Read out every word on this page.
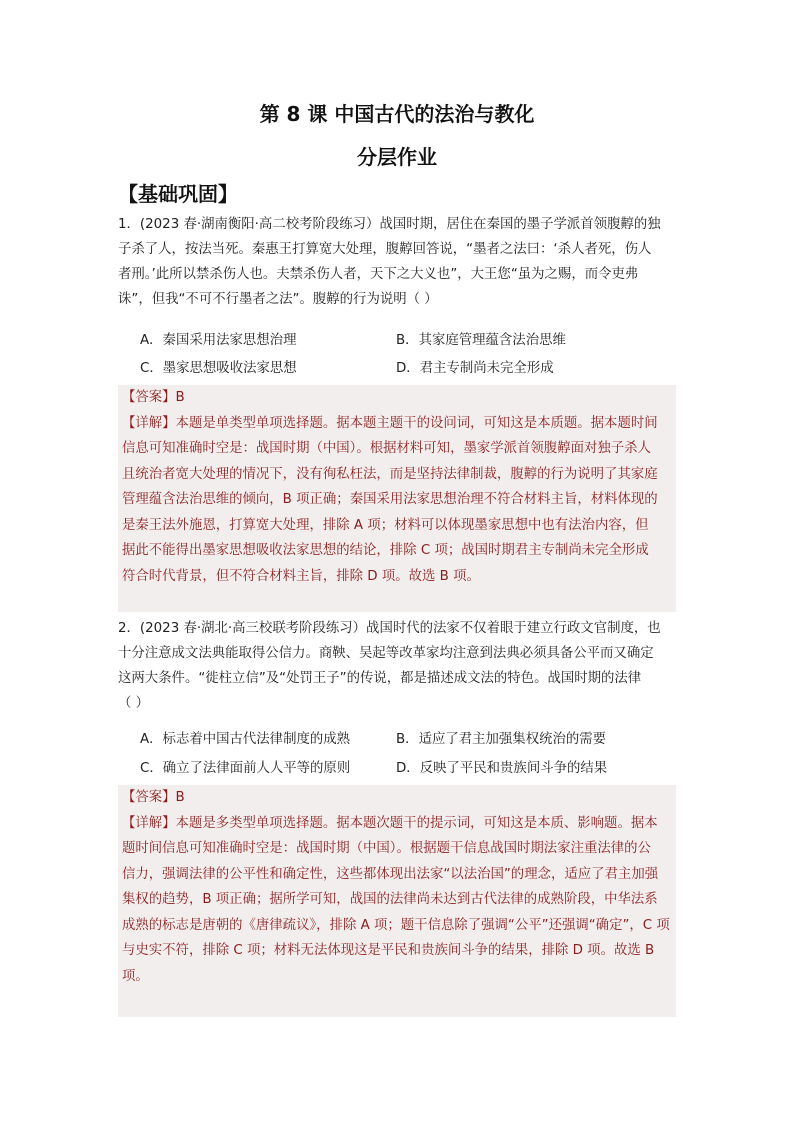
第 8 课 中国古代的法治与教化
分层作业
【基础巩固】
1．(2023 春·湖南衡阳·高二校考阶段练习）战国时期，居住在秦国的墨子学派首领腹䵍的独
子杀了人，按法当死。秦惠王打算宽大处理，腹䵍回答说，“墨者之法曰：‘杀人者死，伤人
者刑。’此所以禁杀伤人也。夫禁杀伤人者，天下之大义也”，大王您“虽为之赐，而令吏弗
诛”，但我“不可不行墨者之法”。腹䵍的行为说明（ ）
A．秦国采用法家思想治理	B．其家庭管理蕴含法治思维
C．墨家思想吸收法家思想	D．君主专制尚未完全形成
【答案】B
【详解】本题是单类型单项选择题。据本题主题干的设问词，可知这是本质题。据本题时间
信息可知准确时空是：战国时期（中国）。根据材料可知，墨家学派首领腹䵍面对独子杀人
且统治者宽大处理的情况下，没有徇私枉法，而是坚持法律制裁，腹䵍的行为说明了其家庭
管理蕴含法治思维的倾向，B 项正确；秦国采用法家思想治理不符合材料主旨，材料体现的
是秦王法外施恩，打算宽大处理，排除 A 项；材料可以体现墨家思想中也有法治内容，但
据此不能得出墨家思想吸收法家思想的结论，排除 C 项；战国时期君主专制尚未完全形成
符合时代背景，但不符合材料主旨，排除 D 项。故选 B 项。
2．(2023 春·湖北·高三校联考阶段练习）战国时代的法家不仅着眼于建立行政文官制度，也
十分注意成文法典能取得公信力。商鞅、吴起等改革家均注意到法典必须具备公平而又确定
这两大条件。“徙柱立信”及“处罚王子”的传说，都是描述成文法的特色。战国时期的法律
（ ）
A．标志着中国古代法律制度的成熟	B．适应了君主加强集权统治的需要
C．确立了法律面前人人平等的原则	D．反映了平民和贵族间斗争的结果
【答案】B
【详解】本题是多类型单项选择题。据本题次题干的提示词，可知这是本质、影响题。据本
题时间信息可知准确时空是：战国时期（中国）。根据题干信息战国时期法家注重法律的公
信力，强调法律的公平性和确定性，这些都体现出法家“以法治国”的理念，适应了君主加强
集权的趋势，B 项正确；据所学可知，战国的法律尚未达到古代法律的成熟阶段，中华法系
成熟的标志是唐朝的《唐律疏议》，排除 A 项；题干信息除了强调“公平”还强调“确定”，C 项
与史实不符，排除 C 项；材料无法体现这是平民和贵族间斗争的结果，排除 D 项。故选 B
项。
